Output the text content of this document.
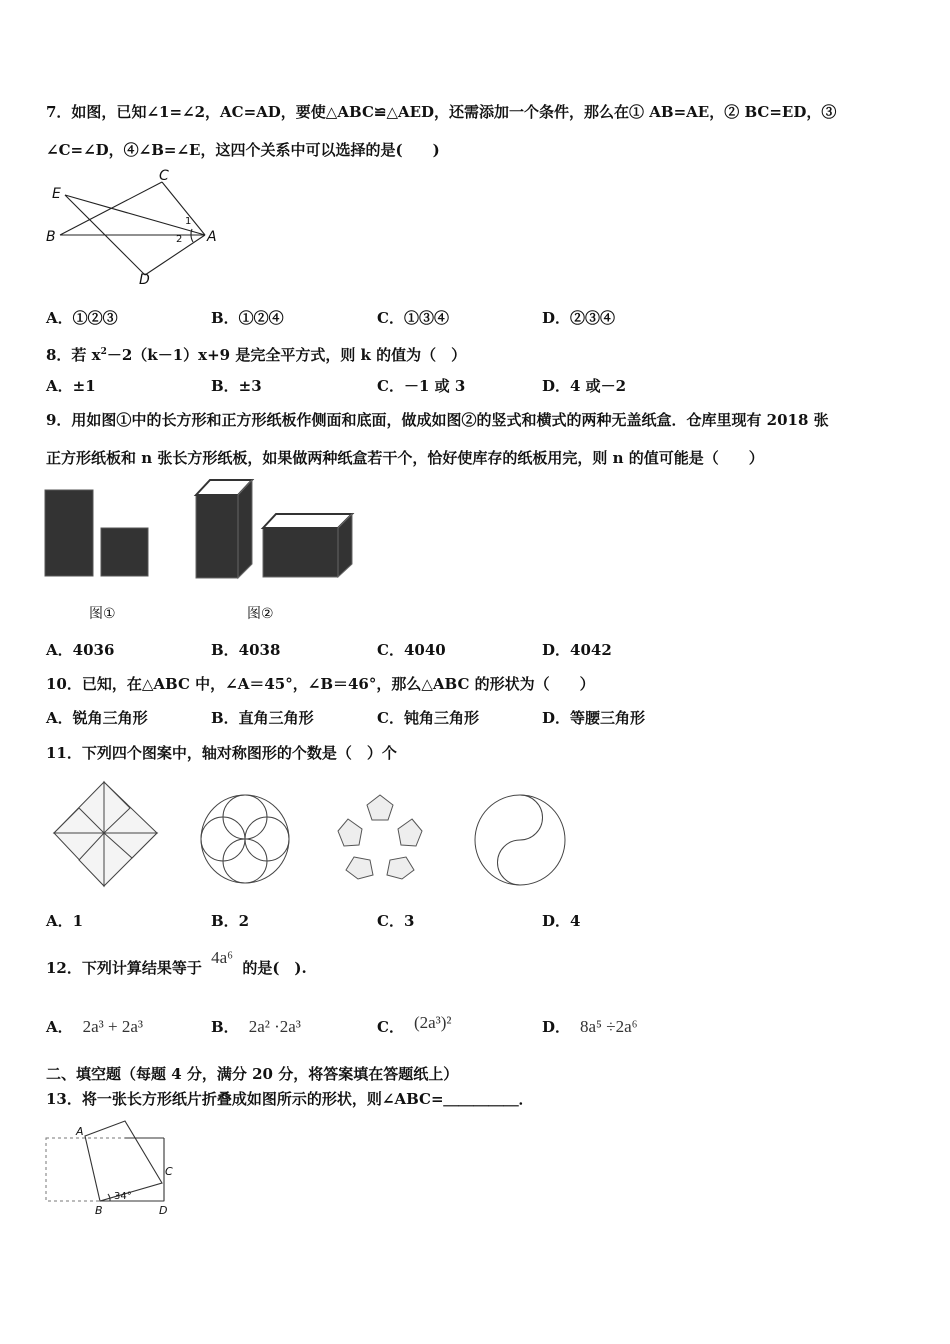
7．如图，已知∠1=∠2，AC=AD，要使△ABC≌△AED，还需添加一个条件，那么在① AB=AE，② BC=ED，③
∠C=∠D，④∠B=∠E，这四个关系中可以选择的是(　　)
E
C
B	A
D
1
2
A．①②③	B．①②④	C．①③④	D．②③④
8．若 $x^2-2(k-1)x+9$ 是完全平方式，则 k 的值为（　）
A．±1	B．±3	C．－1 或 3	D．4 或－2
9．用如图①中的长方形和正方形纸板作侧面和底面，做成如图②的竖式和横式的两种无盖纸盒．仓库里现有 2018 张
正方形纸板和 n 张长方形纸板，如果做两种纸盒若干个，恰好使库存的纸板用完，则 n 的值可能是（　　）
图①	图②
A．4036	B．4038	C．4040	D．4042
10．已知，在△ABC 中，∠A＝45°，∠B＝46°，那么△ABC 的形状为（　　）
A．锐角三角形	B．直角三角形	C．钝角三角形	D．等腰三角形
11．下列四个图案中，轴对称图形的个数是（　）个
A．1	B．2	C．3	D．4
12．下列计算结果等于 4a⁶ 的是(　).
A． 2a³ + 2a³	B． 2a² ·2a³	C． (2a³)²	D． 8a⁵ ÷2a⁶
二、填空题（每题 4 分，满分 20 分，将答案填在答题纸上）
13．将一张长方形纸片折叠成如图所示的形状，则∠ABC=＿＿＿＿＿．
A
C
B	D
34°
